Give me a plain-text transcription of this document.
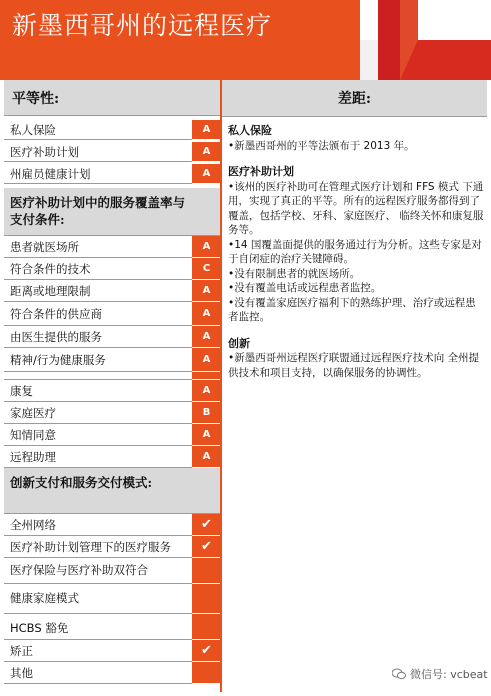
新墨西哥州的远程医疗
平等性:
私人保险	A
医疗补助计划	A
州雇员健康计划	A
医疗补助计划中的服务覆盖率与支付条件:
患者就医场所	A
符合条件的技术	C
距离或地理限制	A
符合条件的供应商	A
由医生提供的服务	A
精神/行为健康服务	A
康复	A
家庭医疗	B
知情同意	A
远程助理	A
创新支付和服务交付模式:
全州网络	✔
医疗补助计划管理下的医疗服务	✔
医疗保险与医疗补助双符合
健康家庭模式
HCBS 豁免
矫正	✔
其他
差距:

私人保险

•新墨西哥州的平等法颁布于 2013 年。

医疗补助计划

•该州的医疗补助可在管理式医疗计划和 FFS 模式 下通用，实现了真正的平等。所有的远程医疗服务都得到了覆盖，包括学校、牙科、家庭医疗、 临终关怀和康复服务等。

•14 国覆盖面提供的服务通过行为分析。这些专家是对于自闭症的治疗关键障碍。

•没有限制患者的就医场所。

•没有覆盖电话或远程患者监控。

•没有覆盖家庭医疗福利下的熟练护理、治疗或远程患者监控。

创新

•新墨西哥州远程医疗联盟通过远程医疗技术向 全州提供技术和项目支持，以确保服务的协调性。

微信号: vcbeat
